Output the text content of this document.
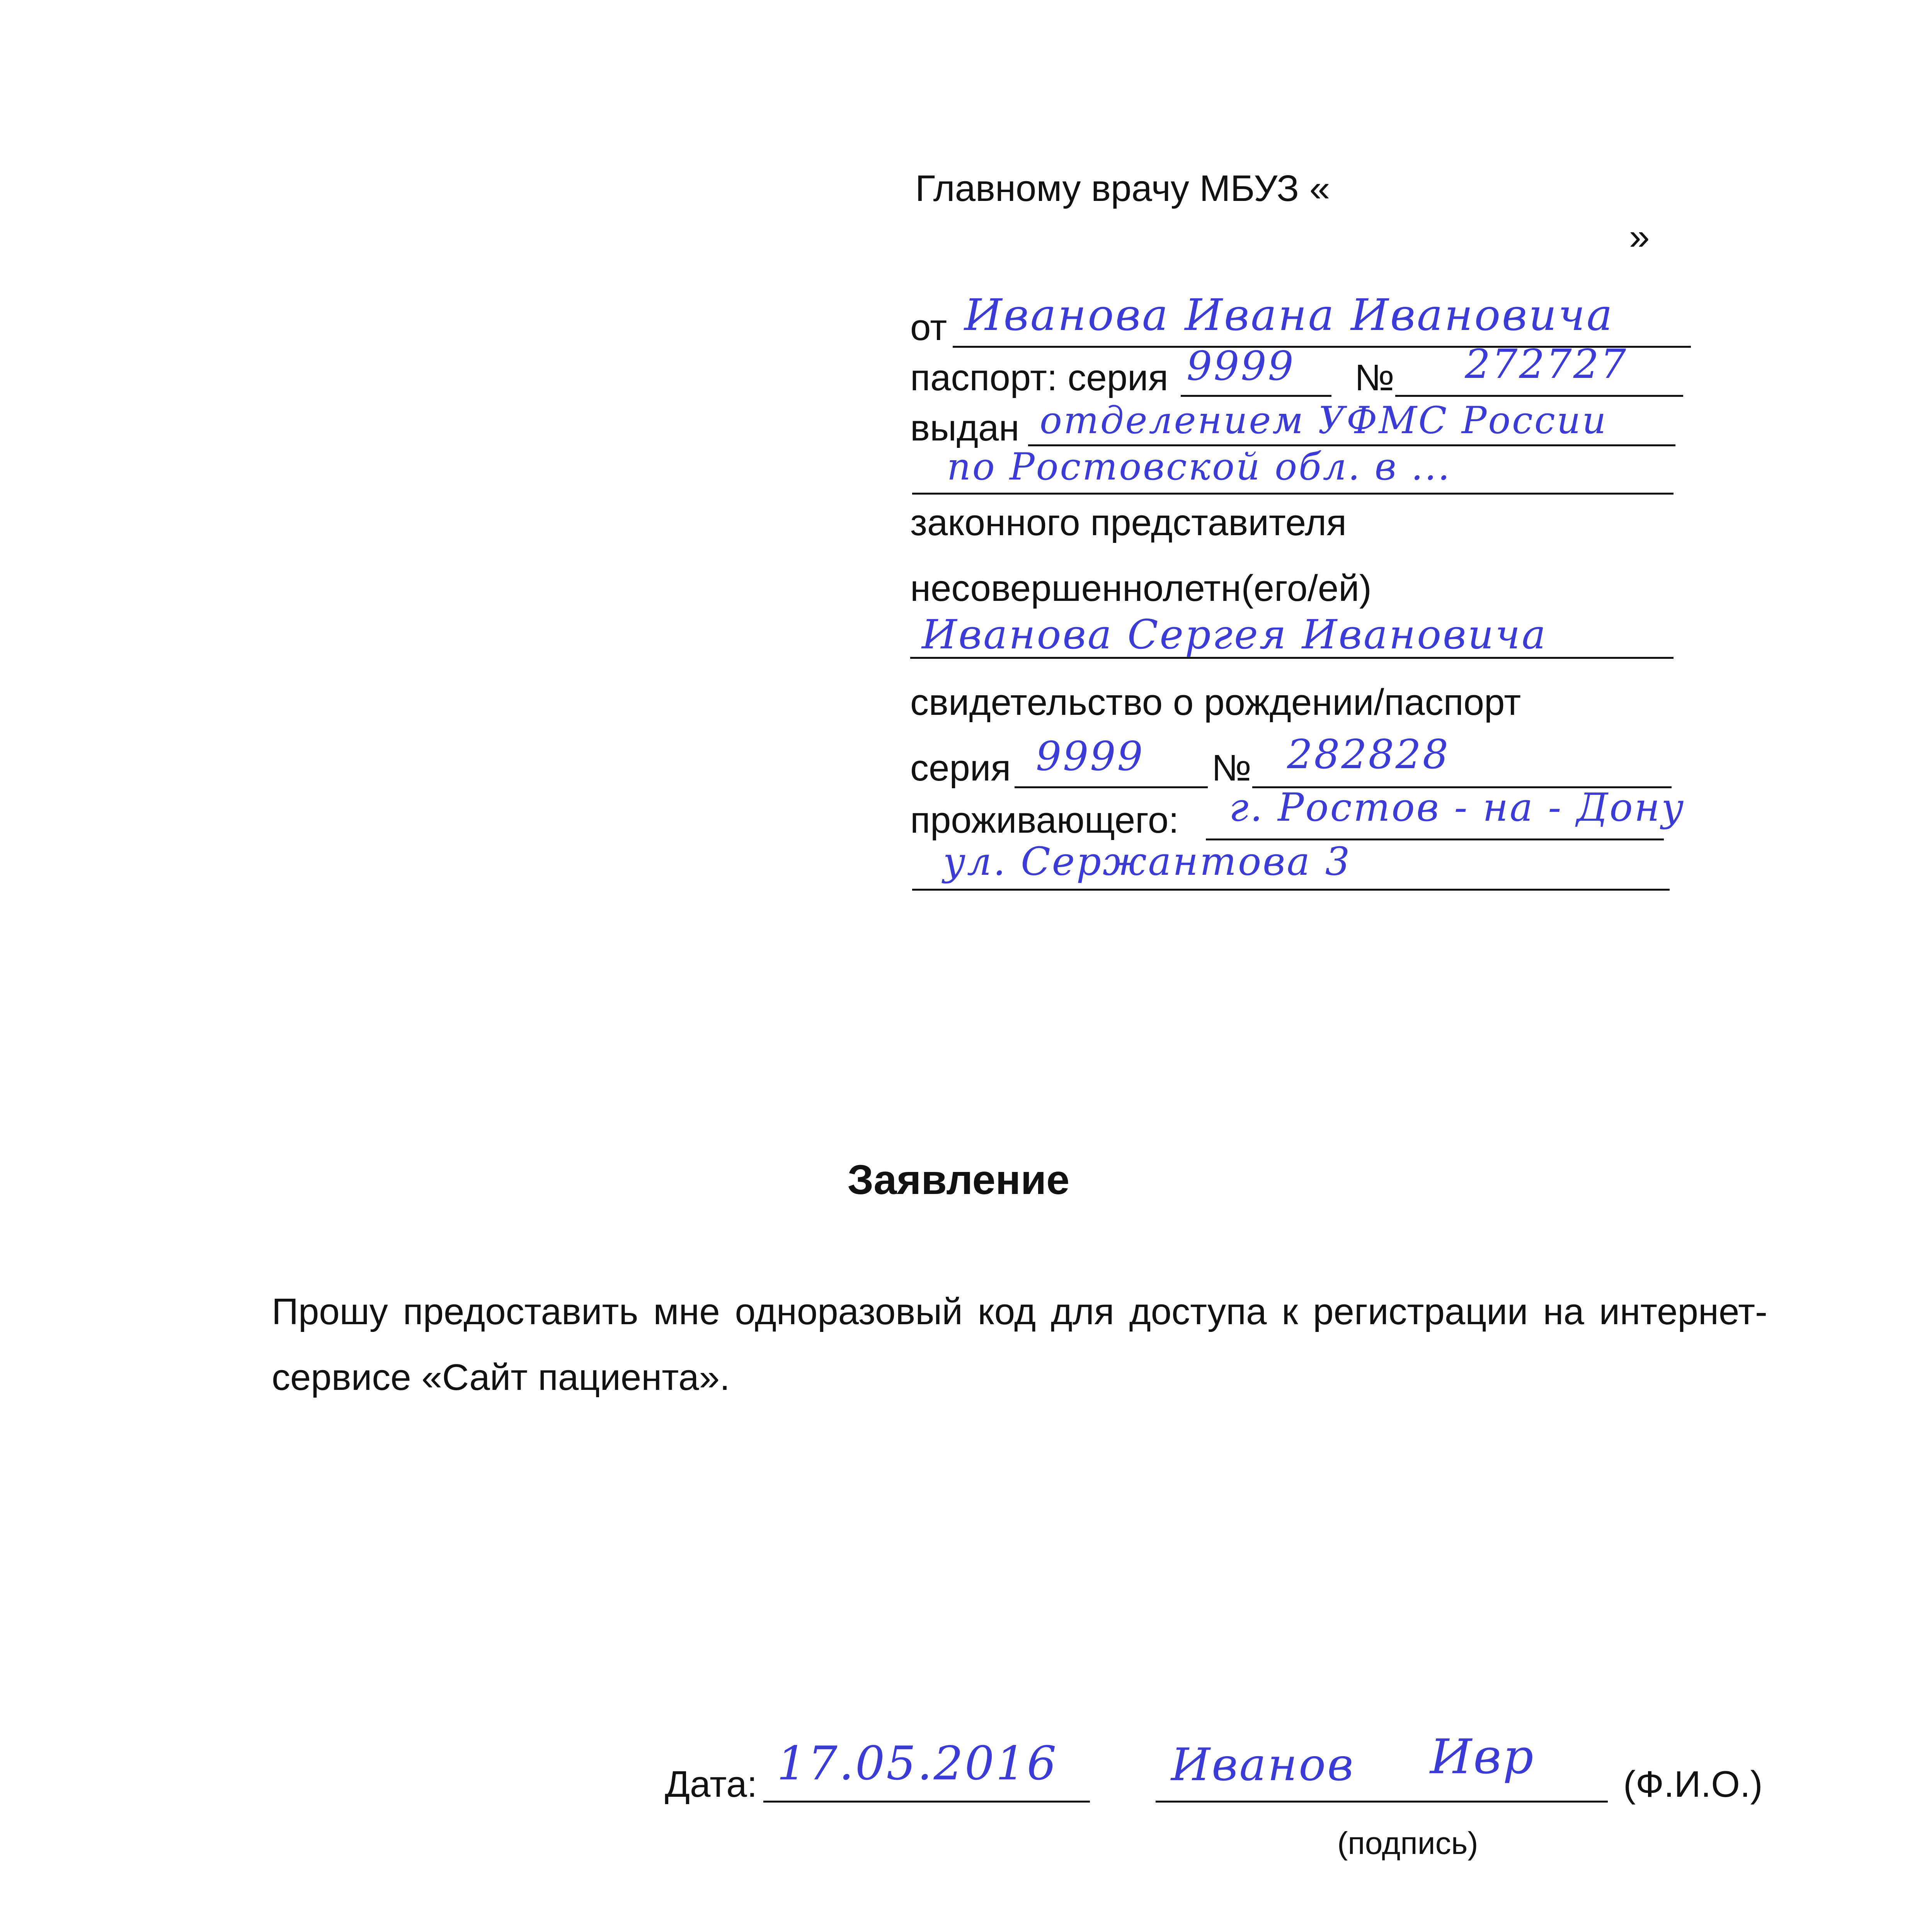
Главному врачу МБУЗ «
»
от Иванова Ивана Ивановича
паспорт: серия 9999 № 272727
выдан отделением УФМС России
по Ростовской обл. в ...
законного представителя
несовершеннолетн(его/ей)
Иванова Сергея Ивановича
свидетельство о рождении/паспорт
серия 9999 № 282828
проживающего: г. Ростов - на - Дону
ул. Сержантова 3
Заявление
Прошу предоставить мне одноразовый код для доступа к регистрации на интернет-сервисе «Сайт пациента».
Дата: 17.05.2016	Иванов Ивр (Ф.И.О.)
(подпись)
